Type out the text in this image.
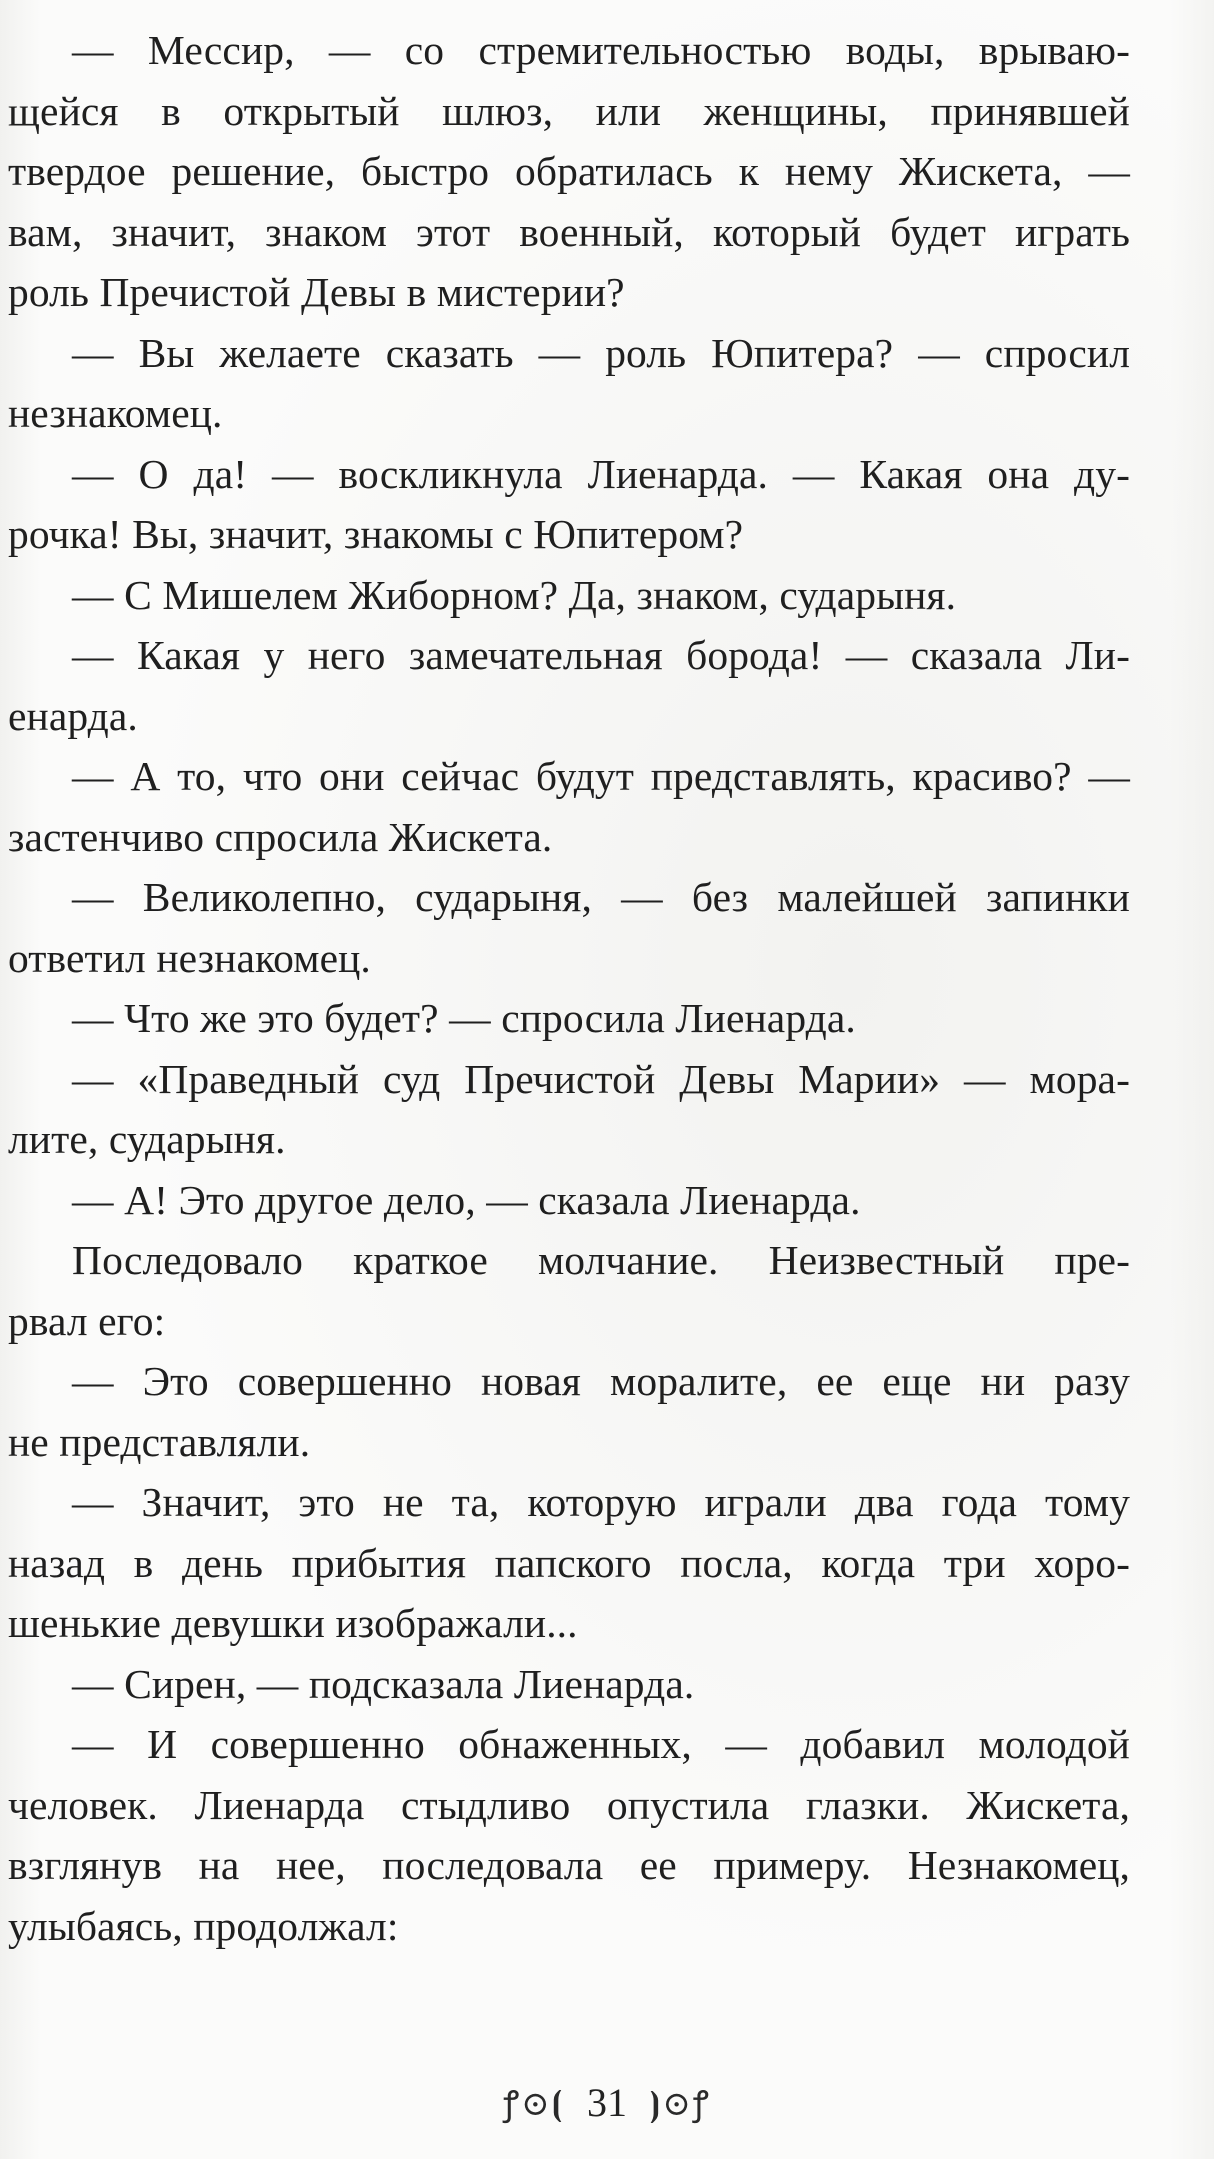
— Мессир, — со стремительностью воды, врываю-
щейся в открытый шлюз, или женщины, принявшей
твердое решение, быстро обратилась к нему Жискета, —
вам, значит, знаком этот военный, который будет играть
роль Пречистой Девы в мистерии?
— Вы желаете сказать — роль Юпитера? — спросил
незнакомец.
— О да! — воскликнула Лиенарда. — Какая она ду-
рочка! Вы, значит, знакомы с Юпитером?
— С Мишелем Жиборном? Да, знаком, сударыня.
— Какая у него замечательная борода! — сказала Ли-
енарда.
— А то, что они сейчас будут представлять, красиво? —
застенчиво спросила Жискета.
— Великолепно, сударыня, — без малейшей запинки
ответил незнакомец.
— Что же это будет? — спросила Лиенарда.
— «Праведный суд Пречистой Девы Марии» — мора-
лите, сударыня.
— А! Это другое дело, — сказала Лиенарда.
Последовало краткое молчание. Неизвестный пре-
рвал его:
— Это совершенно новая моралите, ее еще ни разу
не представляли.
— Значит, это не та, которую играли два года тому
назад в день прибытия папского посла, когда три хоро-
шенькие девушки изображали...
— Сирен, — подсказала Лиенарда.
— И совершенно обнаженных, — добавил молодой
человек. Лиенарда стыдливо опустила глазки. Жискета,
взглянув на нее, последовала ее примеру. Незнакомец,
улыбаясь, продолжал:
ꝭ⊙⦗ 31 ⦘⊙ꝭ
